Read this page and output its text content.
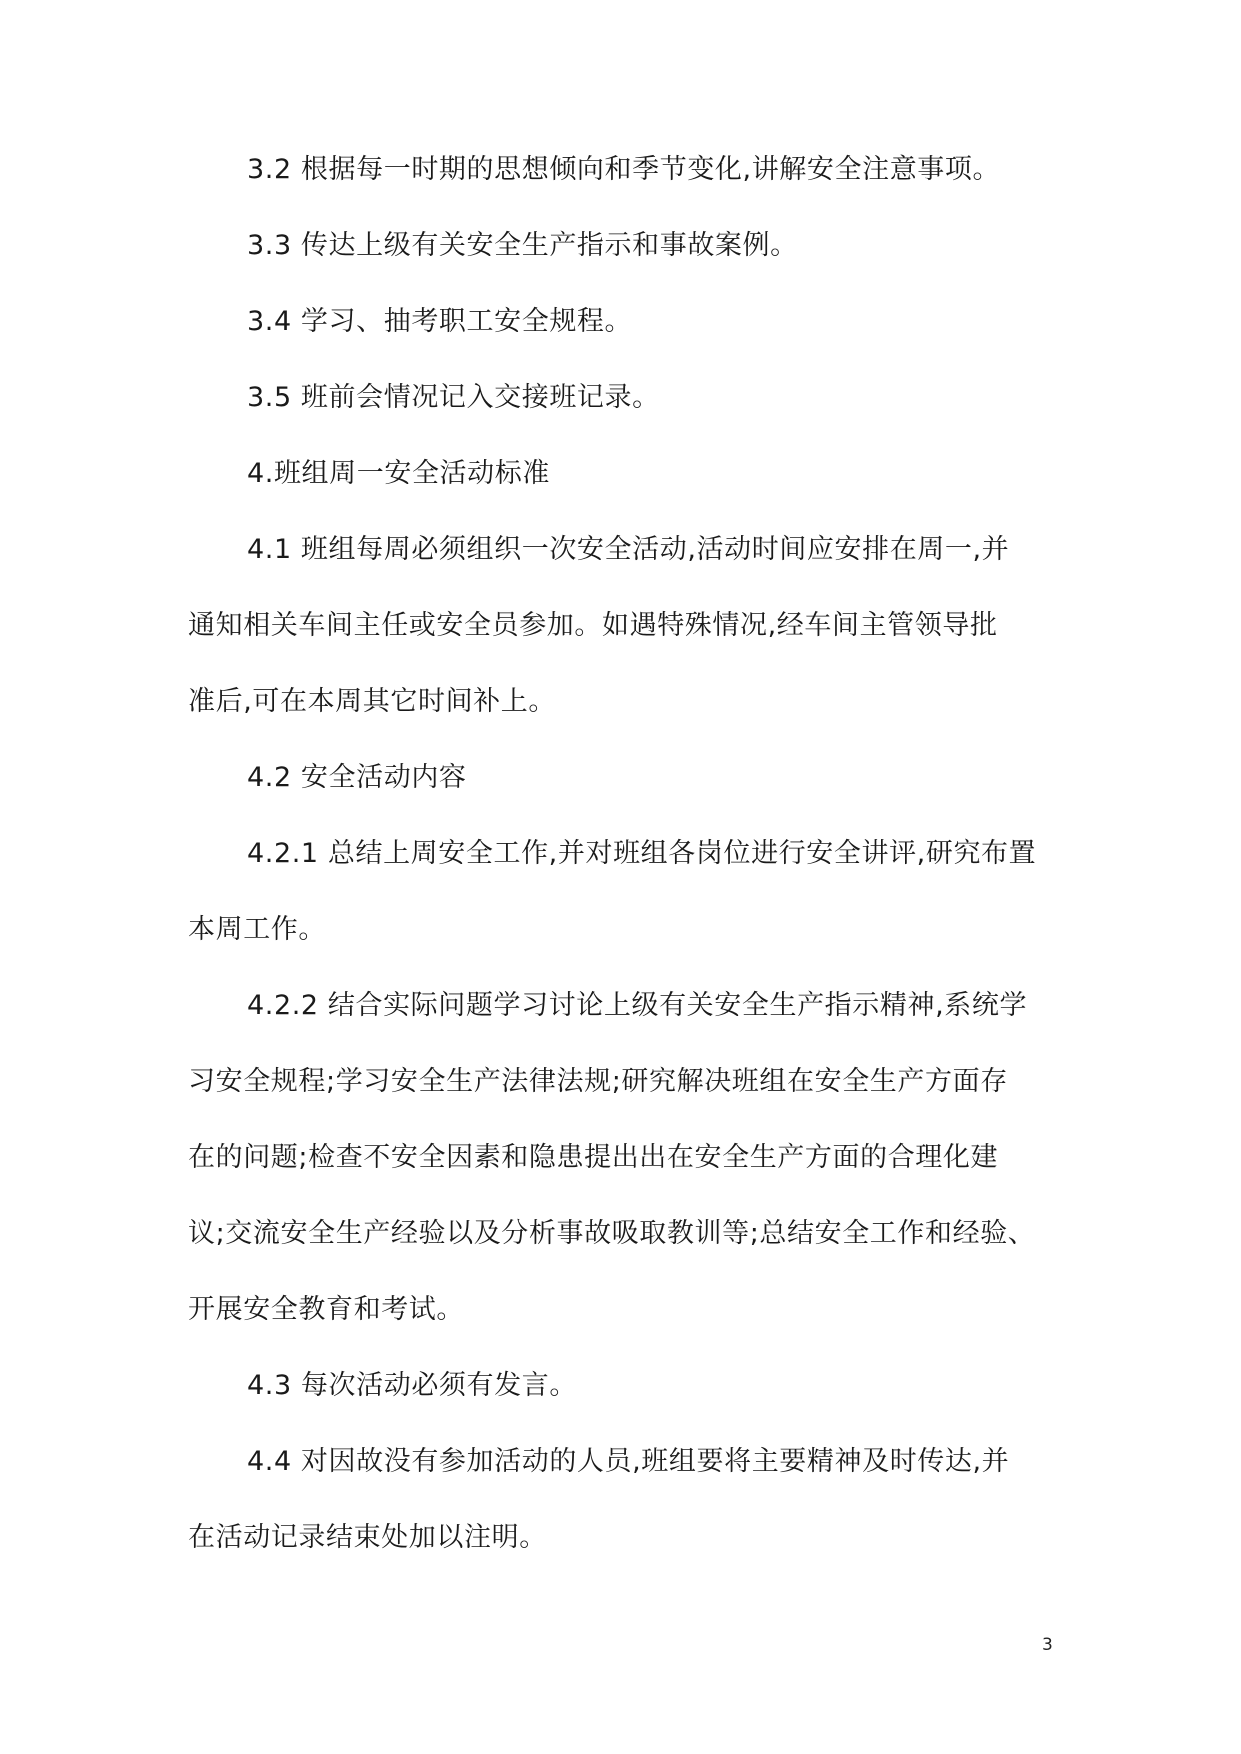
3.2 根据每一时期的思想倾向和季节变化,讲解安全注意事项。
3.3 传达上级有关安全生产指示和事故案例。
3.4 学习、抽考职工安全规程。
3.5 班前会情况记入交接班记录。
4.班组周一安全活动标准
4.1 班组每周必须组织一次安全活动,活动时间应安排在周一,并
通知相关车间主任或安全员参加。如遇特殊情况,经车间主管领导批
准后,可在本周其它时间补上。
4.2 安全活动内容
4.2.1 总结上周安全工作,并对班组各岗位进行安全讲评,研究布置
本周工作。
4.2.2 结合实际问题学习讨论上级有关安全生产指示精神,系统学
习安全规程;学习安全生产法律法规;研究解决班组在安全生产方面存
在的问题;检查不安全因素和隐患提出出在安全生产方面的合理化建
议;交流安全生产经验以及分析事故吸取教训等;总结安全工作和经验、
开展安全教育和考试。
4.3 每次活动必须有发言。
4.4 对因故没有参加活动的人员,班组要将主要精神及时传达,并
在活动记录结束处加以注明。
3
